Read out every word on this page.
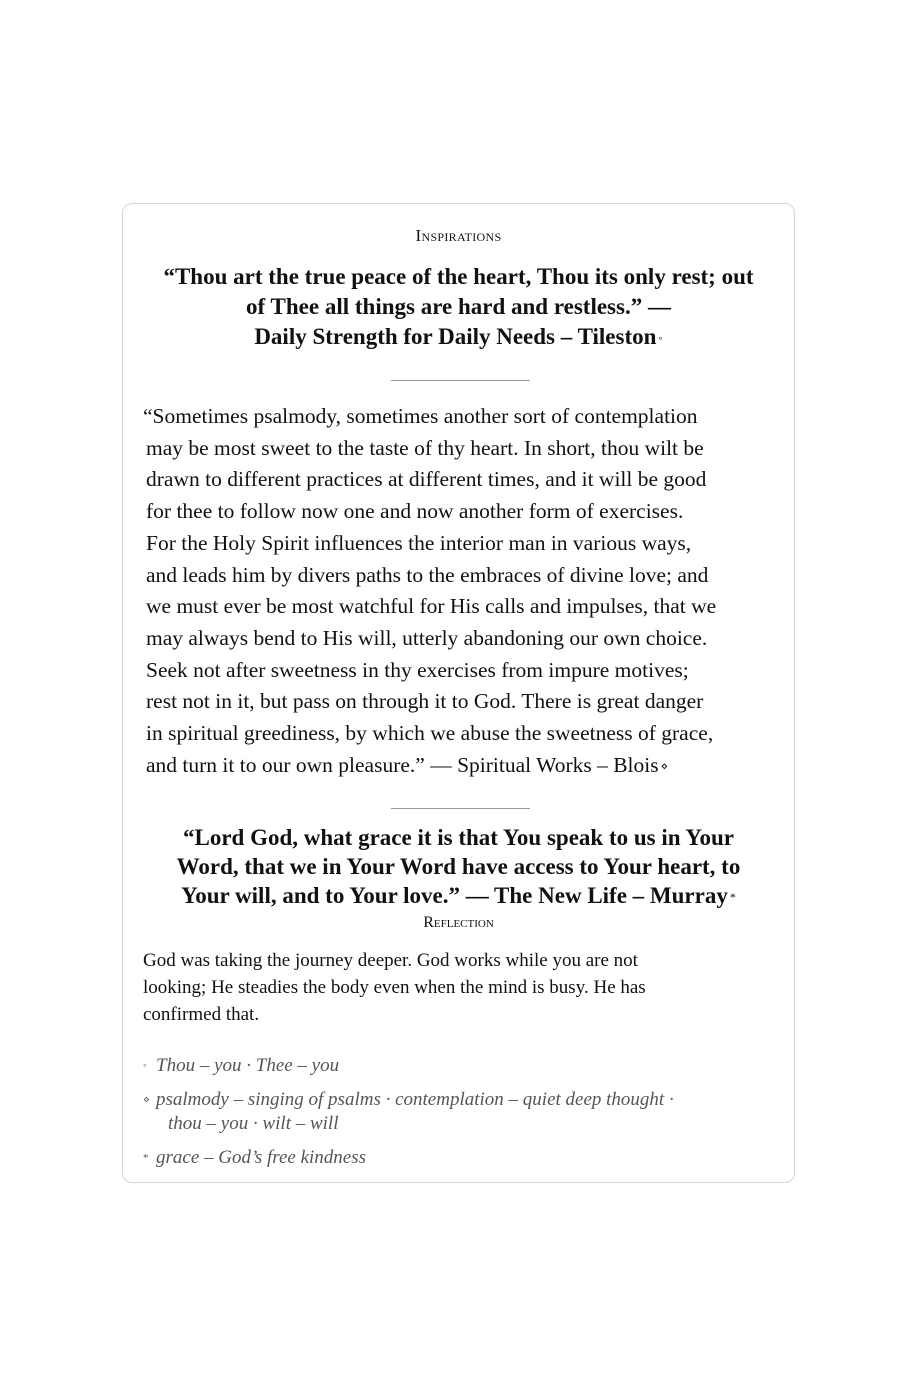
Inspirations
“Thou art the true peace of the heart, Thou its only rest; out
of Thee all things are hard and restless.” —
Daily Strength for Daily Needs – Tileston ◦
“Sometimes psalmody, sometimes another sort of contemplation
may be most sweet to the taste of thy heart. In short, thou wilt be
drawn to different practices at different times, and it will be good
for thee to follow now one and now another form of exercises.
For the Holy Spirit influences the interior man in various ways,
and leads him by divers paths to the embraces of divine love; and
we must ever be most watchful for His calls and impulses, that we
may always bend to His will, utterly abandoning our own choice.
Seek not after sweetness in thy exercises from impure motives;
rest not in it, but pass on through it to God. There is great danger
in spiritual greediness, by which we abuse the sweetness of grace,
and turn it to our own pleasure.” — Spiritual Works – Blois ⋄
“Lord God, what grace it is that You speak to us in Your
Word, that we in Your Word have access to Your heart, to
Your will, and to Your love.” — The New Life – Murray *
Reflection
God was taking the journey deeper. God works while you are not
looking; He steadies the body even when the mind is busy. He has
confirmed that.
◦ Thou – you · Thee – you
⋄ psalmody – singing of psalms · contemplation – quiet deep thought ·
thou – you · wilt – will
* grace – God’s free kindness
